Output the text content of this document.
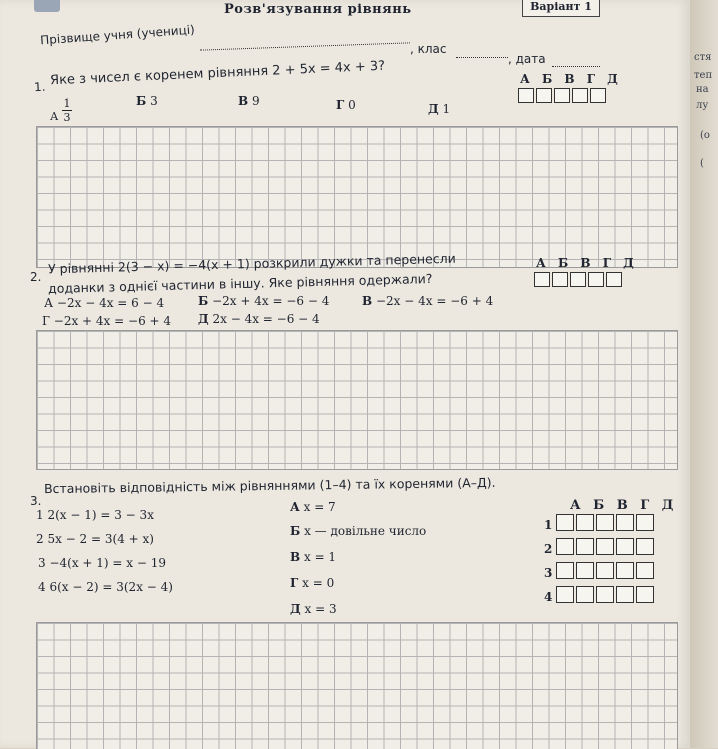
стя
теп
на
лу
(о
(
Варіант 1
Розв'язування рівнянь
Прізвище учня (учениці)
, клас
, дата
1. Яке з чисел є коренем рівняння 2 + 5x = 4x + 3?	А Б В Г Д
А
1
3
Б 3	В 9	Г 0	Д 1
2.
У рівнянні 2(3 − x) = −4(x + 1) розкрили дужки та перенесли
доданки з однієї частини в іншу. Яке рівняння одержали?
А Б В Г Д
А −2x − 4x = 6 − 4	Б −2x + 4x = −6 − 4	В −2x − 4x = −6 + 4
Г −2x + 4x = −6 + 4 Д 2x − 4x = −6 − 4
3.
Встановіть відповідність між рівняннями (1–4) та їх коренями (А–Д).
1 2(x − 1) = 3 − 3x
2 5x − 2 = 3(4 + x)
3 −4(x + 1) = x − 19
4 6(x − 2) = 3(2x − 4)
А x = 7
Б x — довільне число
В x = 1
Г x = 0
Д x = 3
А Б В Г Д
1
2
3
4
